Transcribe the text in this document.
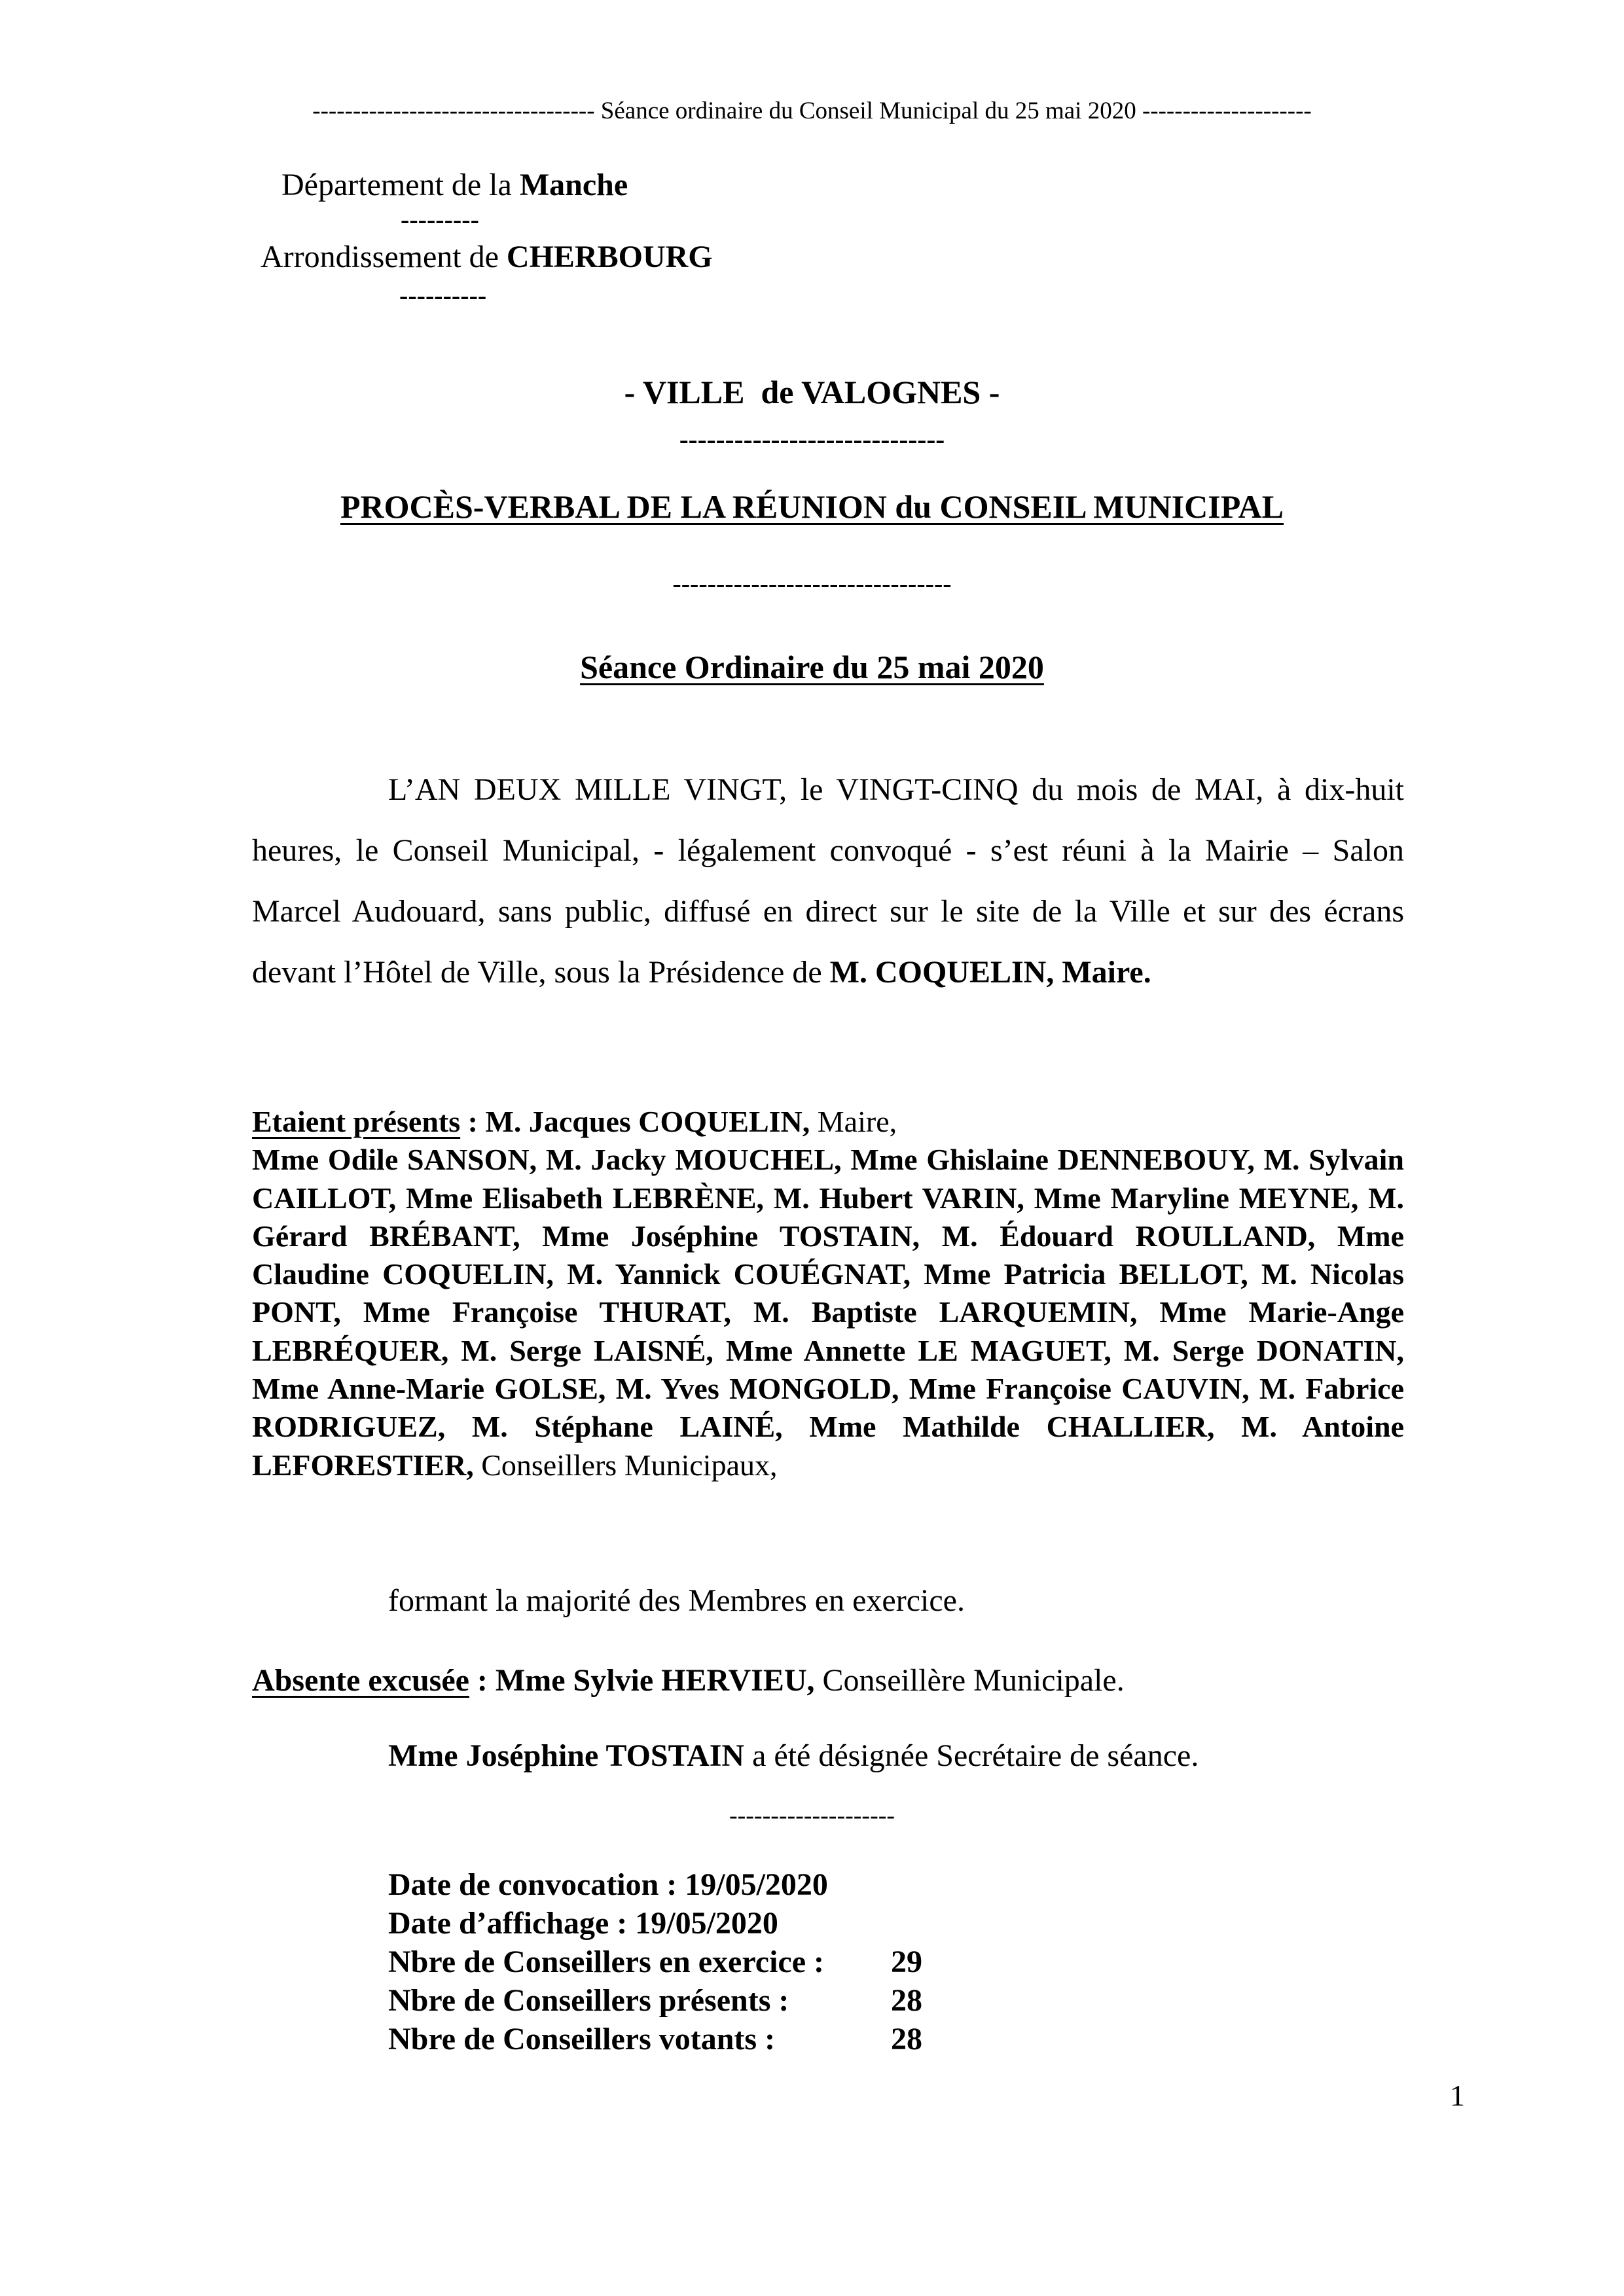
----------------------------------- Séance ordinaire du Conseil Municipal du 25 mai 2020 ---------------------
Département de la Manche
---------
Arrondissement de CHERBOURG
----------
- VILLE  de VALOGNES -
-----------------------------
PROCÈS-VERBAL DE LA RÉUNION du CONSEIL MUNICIPAL
--------------------------------
Séance Ordinaire du 25 mai 2020

L’AN DEUX MILLE VINGT, le VINGT-CINQ du mois de MAI, à dix-huit heures, le Conseil Municipal, - légalement convoqué - s’est réuni à la Mairie – Salon Marcel Audouard, sans public, diffusé en direct sur le site de la Ville et sur des écrans devant l’Hôtel de Ville, sous la Présidence de M. COQUELIN, Maire.

Etaient présents : M. Jacques COQUELIN, Maire,
Mme Odile SANSON, M. Jacky MOUCHEL, Mme Ghislaine DENNEBOUY, M. Sylvain CAILLOT, Mme Elisabeth LEBRÈNE, M. Hubert VARIN, Mme Maryline MEYNE, M. Gérard BRÉBANT, Mme Joséphine TOSTAIN, M. Édouard ROULLAND, Mme Claudine COQUELIN, M. Yannick COUÉGNAT, Mme Patricia BELLOT, M. Nicolas PONT, Mme Françoise THURAT, M. Baptiste LARQUEMIN, Mme Marie-Ange LEBRÉQUER, M. Serge LAISNÉ, Mme Annette LE MAGUET, M. Serge DONATIN, Mme Anne-Marie GOLSE, M. Yves MONGOLD, Mme Françoise CAUVIN, M. Fabrice RODRIGUEZ, M. Stéphane LAINÉ, Mme Mathilde CHALLIER, M. Antoine LEFORESTIER, Conseillers Municipaux,

formant la majorité des Membres en exercice.
Absente excusée : Mme Sylvie HERVIEU, Conseillère Municipale.
Mme Joséphine TOSTAIN a été désignée Secrétaire de séance.
--------------------
Date de convocation : 19/05/2020
Date d’affichage : 19/05/2020
Nbre de Conseillers en exercice :	29
Nbre de Conseillers présents :	28
Nbre de Conseillers votants :	28
1
